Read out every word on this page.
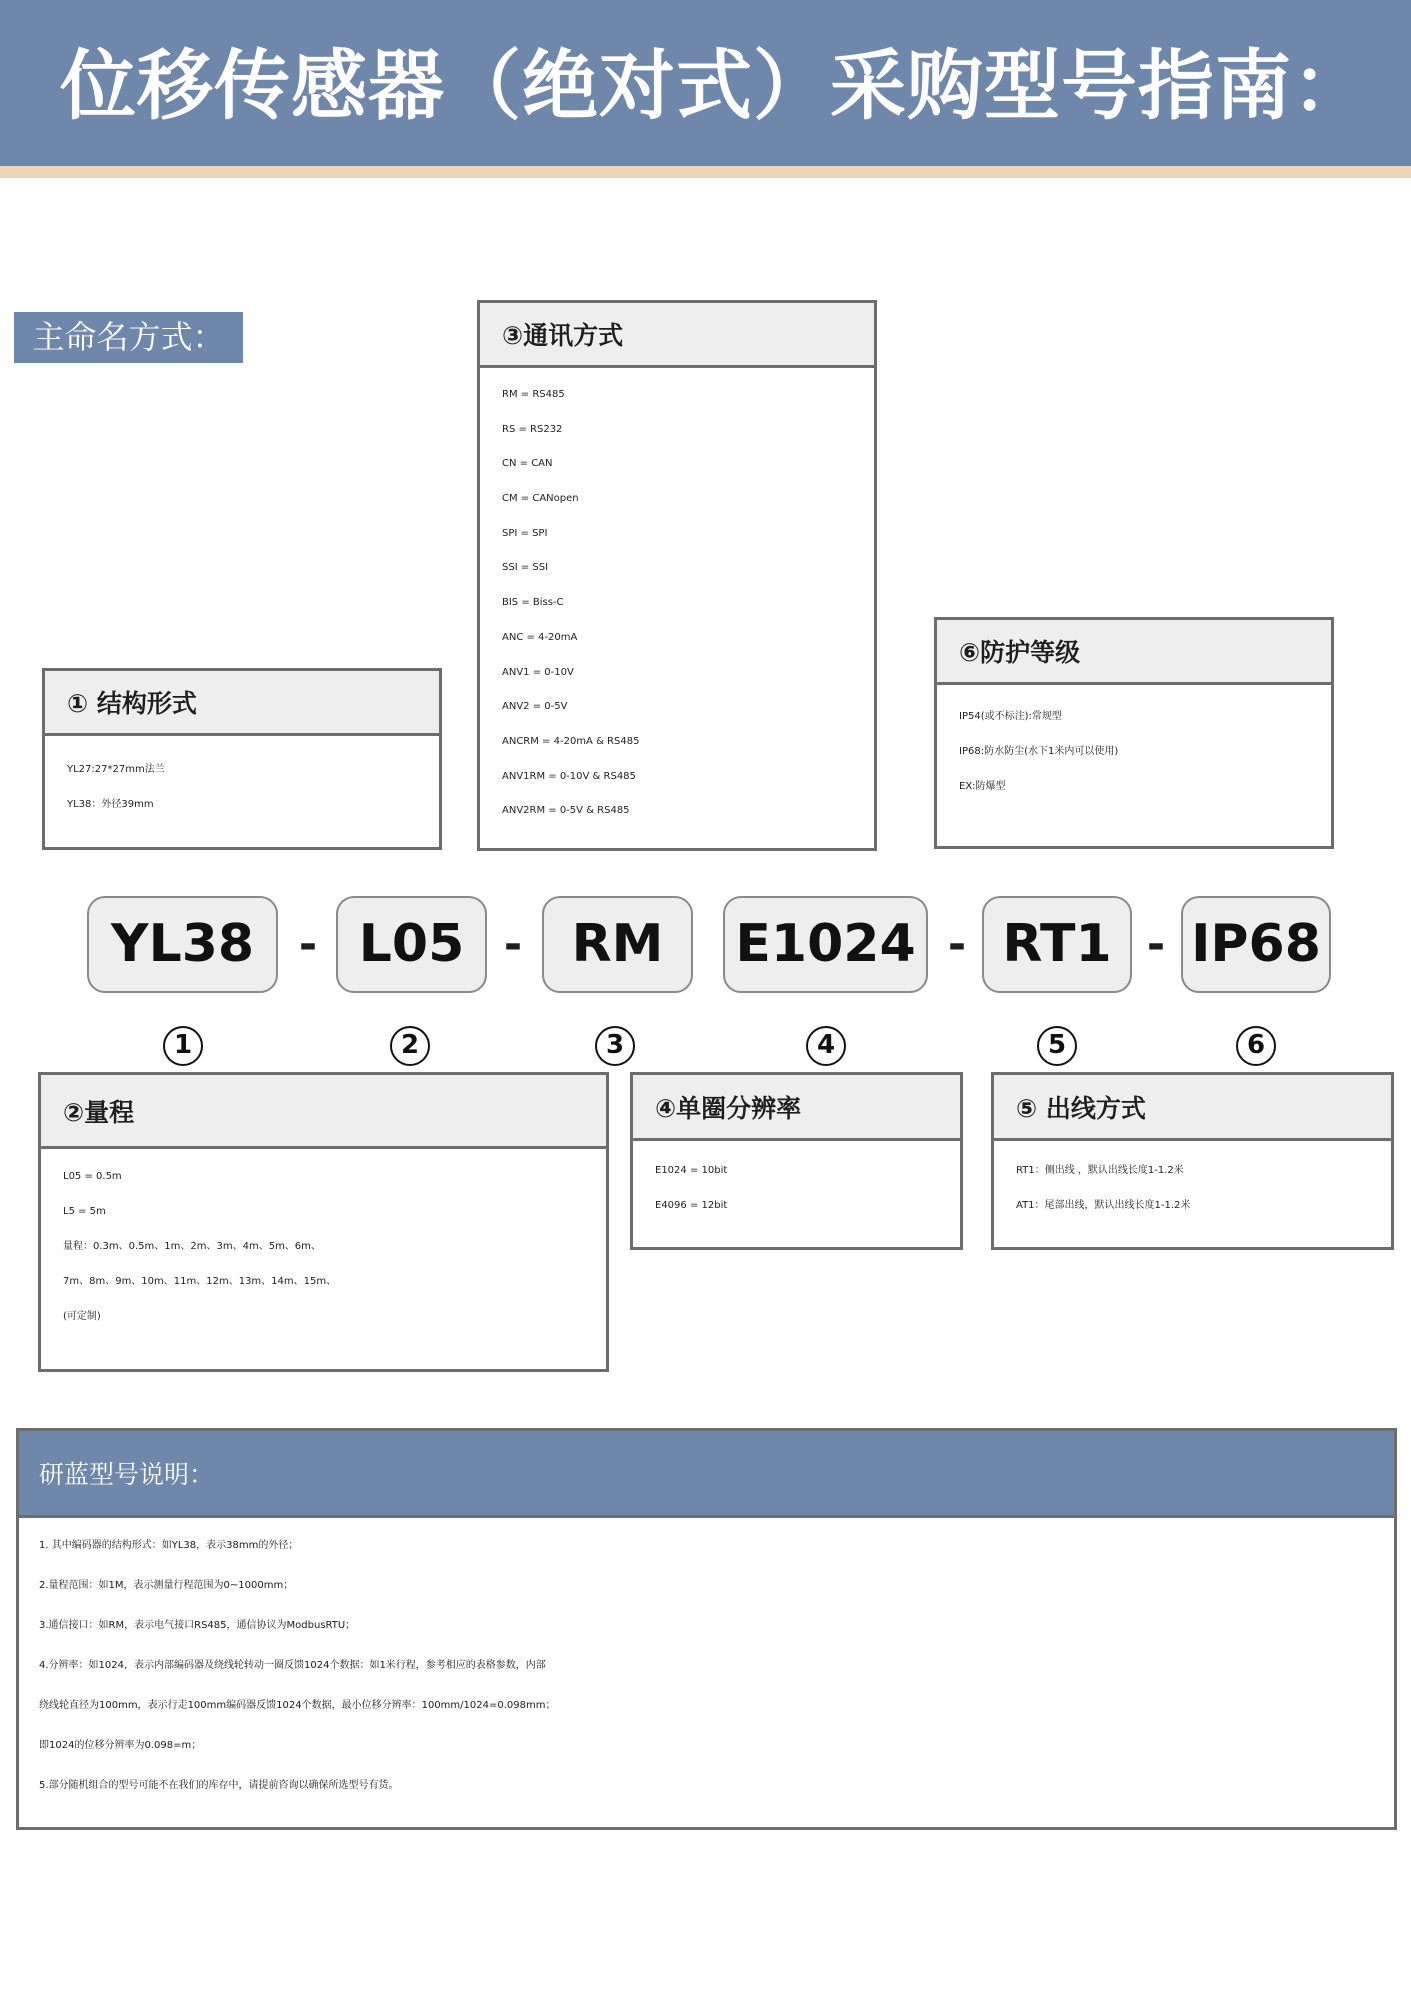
位移传感器（绝对式）采购型号指南：
主命名方式：
① 结构形式
YL27:27*27mm法兰
YL38：外径39mm
③通讯方式
RM = RS485
RS = RS232
CN = CAN
CM = CANopen
SPI = SPI
SSI = SSI
BIS = Biss-C
ANC = 4-20mA
ANV1 = 0-10V
ANV2 = 0-5V
ANCRM = 4-20mA & RS485
ANV1RM = 0-10V & RS485
ANV2RM = 0-5V & RS485
⑥防护等级
IP54(或不标注):常规型
IP68:防水防尘(水下1米内可以使用)
EX:防爆型
YL38	- L05 - RM	E1024 - RT1 - IP68
1	2	3	4	5	6
②量程
L05 = 0.5m
L5 = 5m
量程：0.3m、0.5m、1m、2m、3m、4m、5m、6m、
7m、8m、9m、10m、11m、12m、13m、14m、15m、
(可定制)
④单圈分辨率
E1024 = 10bit
E4096 = 12bit
⑤ 出线方式
RT1：侧出线 ，默认出线长度1-1.2米
AT1：尾部出线，默认出线长度1-1.2米
研蓝型号说明：
1. 其中编码器的结构形式：如YL38，表示38mm的外径；
2.量程范围：如1M，表示测量行程范围为0~1000mm；
3.通信接口：如RM，表示电气接口RS485，通信协议为ModbusRTU；
4.分辨率：如1024，表示内部编码器及绕线轮转动一圈反馈1024个数据：如1米行程，参考相应的表格参数，内部
绕线轮直径为100mm，表示行走100mm编码器反馈1024个数据，最小位移分辨率：100mm/1024=0.098mm；
即1024的位移分辨率为0.098=m；
5.部分随机组合的型号可能不在我们的库存中，请提前咨询以确保所选型号有货。
